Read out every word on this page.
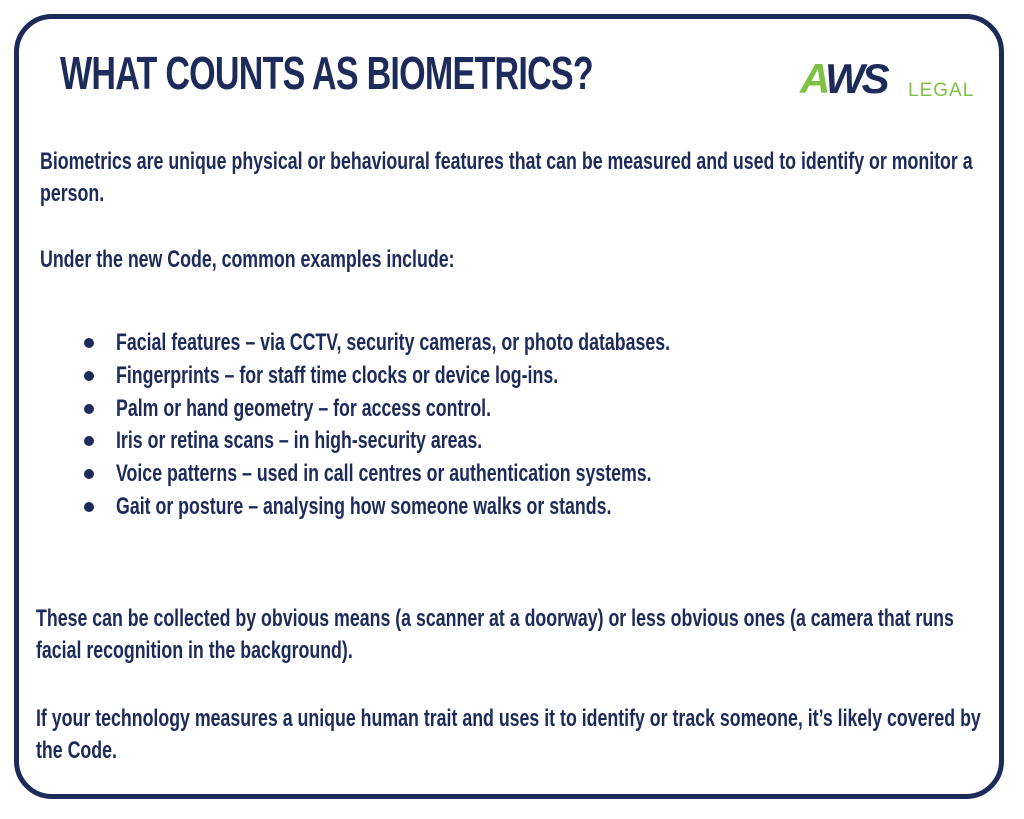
WHAT COUNTS AS BIOMETRICS?	AWS LEGAL
Biometrics are unique physical or behavioural features that can be measured and used to identify or monitor a person.
Under the new Code, common examples include:
Facial features – via CCTV, security cameras, or photo databases.
Fingerprints – for staff time clocks or device log-ins.
Palm or hand geometry – for access control.
Iris or retina scans – in high-security areas.
Voice patterns – used in call centres or authentication systems.
Gait or posture – analysing how someone walks or stands.
These can be collected by obvious means (a scanner at a doorway) or less obvious ones (a camera that runs facial recognition in the background).
If your technology measures a unique human trait and uses it to identify or track someone, it’s likely covered by the Code.
